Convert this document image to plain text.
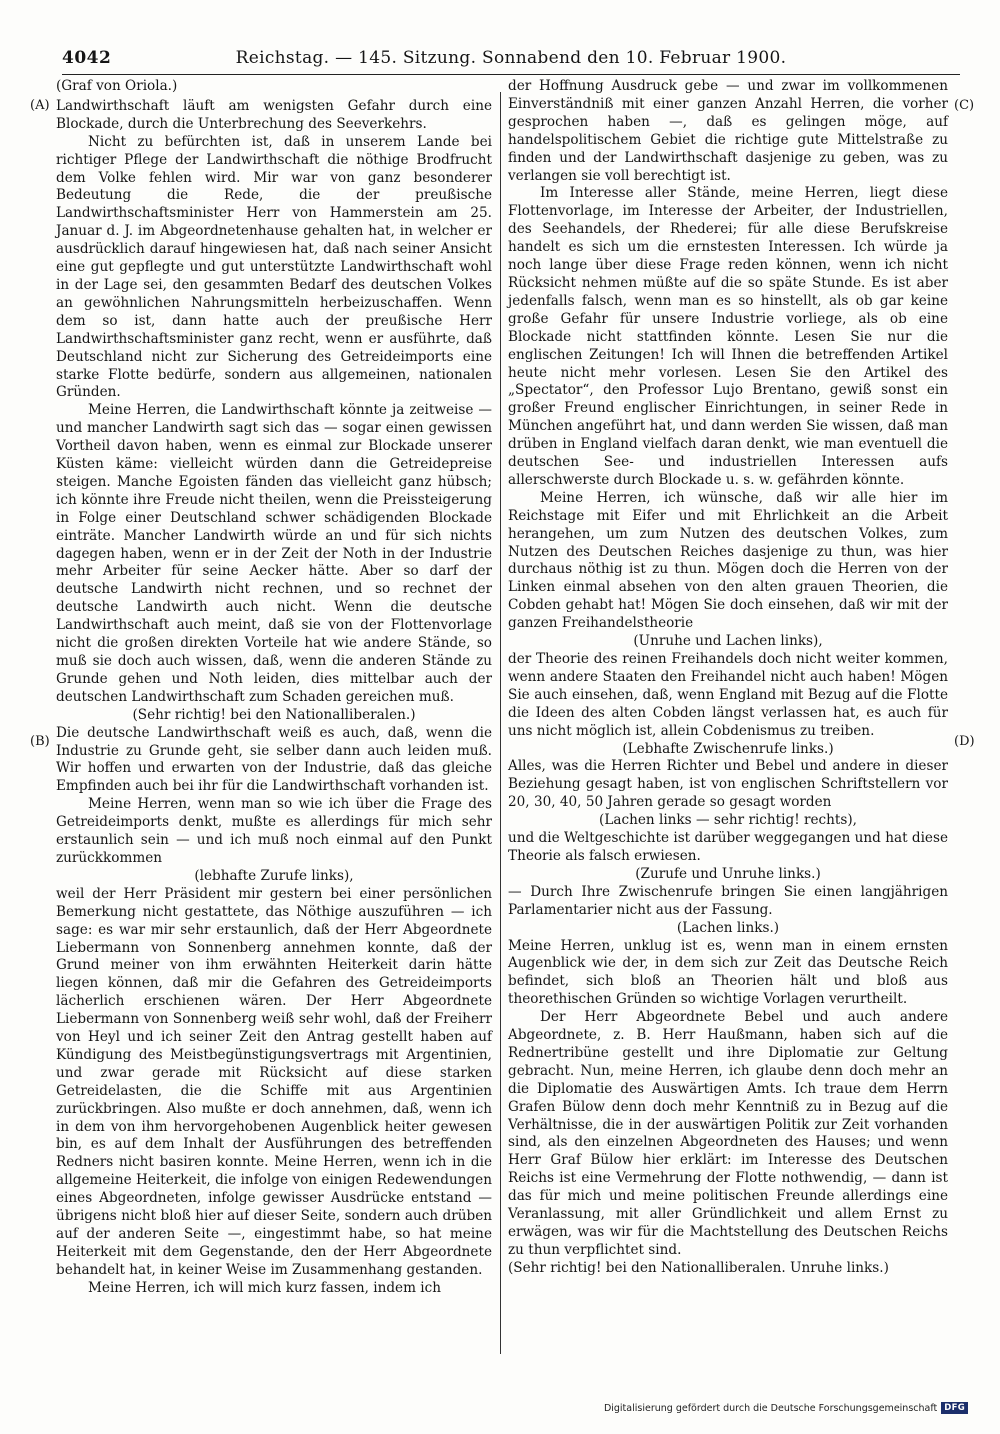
4042	Reichstag. — 145. Sitzung. Sonnabend den 10. Februar 1900.
(A)
(B)
(C)
(D)

(Graf von Oriola.)

Landwirthschaft läuft am wenigsten Gefahr durch eine Blockade, durch die Unterbrechung des Seeverkehrs.

Nicht zu befürchten ist, daß in unserem Lande bei richtiger Pflege der Landwirthschaft die nöthige Brodfrucht dem Volke fehlen wird. Mir war von ganz besonderer Bedeutung die Rede, die der preußische Landwirthschaftsminister Herr von Hammerstein am 25. Januar d. J. im Abgeordnetenhause gehalten hat, in welcher er ausdrücklich darauf hingewiesen hat, daß nach seiner Ansicht eine gut gepflegte und gut unterstützte Landwirthschaft wohl in der Lage sei, den gesammten Bedarf des deutschen Volkes an gewöhnlichen Nahrungsmitteln herbeizuschaffen. Wenn dem so ist, dann hatte auch der preußische Herr Landwirthschaftsminister ganz recht, wenn er ausführte, daß Deutschland nicht zur Sicherung des Getreideimports eine starke Flotte bedürfe, sondern aus allgemeinen, nationalen Gründen.

Meine Herren, die Landwirthschaft könnte ja zeitweise — und mancher Landwirth sagt sich das — sogar einen gewissen Vortheil davon haben, wenn es einmal zur Blockade unserer Küsten käme: vielleicht würden dann die Getreidepreise steigen. Manche Egoisten fänden das vielleicht ganz hübsch; ich könnte ihre Freude nicht theilen, wenn die Preissteigerung in Folge einer Deutschland schwer schädigenden Blockade einträte. Mancher Landwirth würde an und für sich nichts dagegen haben, wenn er in der Zeit der Noth in der Industrie mehr Arbeiter für seine Aecker hätte. Aber so darf der deutsche Landwirth nicht rechnen, und so rechnet der deutsche Landwirth auch nicht. Wenn die deutsche Landwirthschaft auch meint, daß sie von der Flottenvorlage nicht die großen direkten Vorteile hat wie andere Stände, so muß sie doch auch wissen, daß, wenn die anderen Stände zu Grunde gehen und Noth leiden, dies mittelbar auch der deutschen Landwirthschaft zum Schaden gereichen muß.

(Sehr richtig! bei den Nationalliberalen.)

Die deutsche Landwirthschaft weiß es auch, daß, wenn die Industrie zu Grunde geht, sie selber dann auch leiden muß. Wir hoffen und erwarten von der Industrie, daß das gleiche Empfinden auch bei ihr für die Landwirthschaft vorhanden ist.

Meine Herren, wenn man so wie ich über die Frage des Getreideimports denkt, mußte es allerdings für mich sehr erstaunlich sein — und ich muß noch einmal auf den Punkt zurückkommen

(lebhafte Zurufe links),

weil der Herr Präsident mir gestern bei einer persönlichen Bemerkung nicht gestattete, das Nöthige auszuführen — ich sage: es war mir sehr erstaunlich, daß der Herr Abgeordnete Liebermann von Sonnenberg annehmen konnte, daß der Grund meiner von ihm erwähnten Heiterkeit darin hätte liegen können, daß mir die Gefahren des Getreideimports lächerlich erschienen wären. Der Herr Abgeordnete Liebermann von Sonnenberg weiß sehr wohl, daß der Freiherr von Heyl und ich seiner Zeit den Antrag gestellt haben auf Kündigung des Meistbegünstigungsvertrags mit Argentinien, und zwar gerade mit Rücksicht auf diese starken Getreidelasten, die die Schiffe mit aus Argentinien zurückbringen. Also mußte er doch annehmen, daß, wenn ich in dem von ihm hervorgehobenen Augenblick heiter gewesen bin, es auf dem Inhalt der Ausführungen des betreffenden Redners nicht basiren konnte. Meine Herren, wenn ich in die allgemeine Heiterkeit, die infolge von einigen Redewendungen eines Abgeordneten, infolge gewisser Ausdrücke entstand — übrigens nicht bloß hier auf dieser Seite, sondern auch drüben auf der anderen Seite —, eingestimmt habe, so hat meine Heiterkeit mit dem Gegenstande, den der Herr Abgeordnete behandelt hat, in keiner Weise im Zusammenhang gestanden.

Meine Herren, ich will mich kurz fassen, indem ich

der Hoffnung Ausdruck gebe — und zwar im vollkommenen Einverständniß mit einer ganzen Anzahl Herren, die vorher gesprochen haben —, daß es gelingen möge, auf handelspolitischem Gebiet die richtige gute Mittelstraße zu finden und der Landwirthschaft dasjenige zu geben, was zu verlangen sie voll berechtigt ist.

Im Interesse aller Stände, meine Herren, liegt diese Flottenvorlage, im Interesse der Arbeiter, der Industriellen, des Seehandels, der Rhederei; für alle diese Berufskreise handelt es sich um die ernstesten Interessen. Ich würde ja noch lange über diese Frage reden können, wenn ich nicht Rücksicht nehmen müßte auf die so späte Stunde. Es ist aber jedenfalls falsch, wenn man es so hinstellt, als ob gar keine große Gefahr für unsere Industrie vorliege, als ob eine Blockade nicht stattfinden könnte. Lesen Sie nur die englischen Zeitungen! Ich will Ihnen die betreffenden Artikel heute nicht mehr vorlesen. Lesen Sie den Artikel des „Spectator“, den Professor Lujo Brentano, gewiß sonst ein großer Freund englischer Einrichtungen, in seiner Rede in München angeführt hat, und dann werden Sie wissen, daß man drüben in England vielfach daran denkt, wie man eventuell die deutschen See- und industriellen Interessen aufs allerschwerste durch Blockade u. s. w. gefährden könnte.

Meine Herren, ich wünsche, daß wir alle hier im Reichstage mit Eifer und mit Ehrlichkeit an die Arbeit herangehen, um zum Nutzen des deutschen Volkes, zum Nutzen des Deutschen Reiches dasjenige zu thun, was hier durchaus nöthig ist zu thun. Mögen doch die Herren von der Linken einmal absehen von den alten grauen Theorien, die Cobden gehabt hat! Mögen Sie doch einsehen, daß wir mit der ganzen Freihandelstheorie

(Unruhe und Lachen links),

der Theorie des reinen Freihandels doch nicht weiter kommen, wenn andere Staaten den Freihandel nicht auch haben! Mögen Sie auch einsehen, daß, wenn England mit Bezug auf die Flotte die Ideen des alten Cobden längst verlassen hat, es auch für uns nicht möglich ist, allein Cobdenismus zu treiben.

(Lebhafte Zwischenrufe links.)

Alles, was die Herren Richter und Bebel und andere in dieser Beziehung gesagt haben, ist von englischen Schriftstellern vor 20, 30, 40, 50 Jahren gerade so gesagt worden

(Lachen links — sehr richtig! rechts),

und die Weltgeschichte ist darüber weggegangen und hat diese Theorie als falsch erwiesen.

(Zurufe und Unruhe links.)

— Durch Ihre Zwischenrufe bringen Sie einen langjährigen Parlamentarier nicht aus der Fassung.

(Lachen links.)

Meine Herren, unklug ist es, wenn man in einem ernsten Augenblick wie der, in dem sich zur Zeit das Deutsche Reich befindet, sich bloß an Theorien hält und bloß aus theorethischen Gründen so wichtige Vorlagen verurtheilt.

Der Herr Abgeordnete Bebel und auch andere Abgeordnete, z. B. Herr Haußmann, haben sich auf die Rednertribüne gestellt und ihre Diplomatie zur Geltung gebracht. Nun, meine Herren, ich glaube denn doch mehr an die Diplomatie des Auswärtigen Amts. Ich traue dem Herrn Grafen Bülow denn doch mehr Kenntniß zu in Bezug auf die Verhältnisse, die in der auswärtigen Politik zur Zeit vorhanden sind, als den einzelnen Abgeordneten des Hauses; und wenn Herr Graf Bülow hier erklärt: im Interesse des Deutschen Reichs ist eine Vermehrung der Flotte nothwendig, — dann ist das für mich und meine politischen Freunde allerdings eine Veranlassung, mit aller Gründlichkeit und allem Ernst zu erwägen, was wir für die Machtstellung des Deutschen Reichs zu thun verpflichtet sind.

(Sehr richtig! bei den Nationalliberalen. Unruhe links.)

Digitalisierung gefördert durch die Deutsche Forschungsgemeinschaft DFG
